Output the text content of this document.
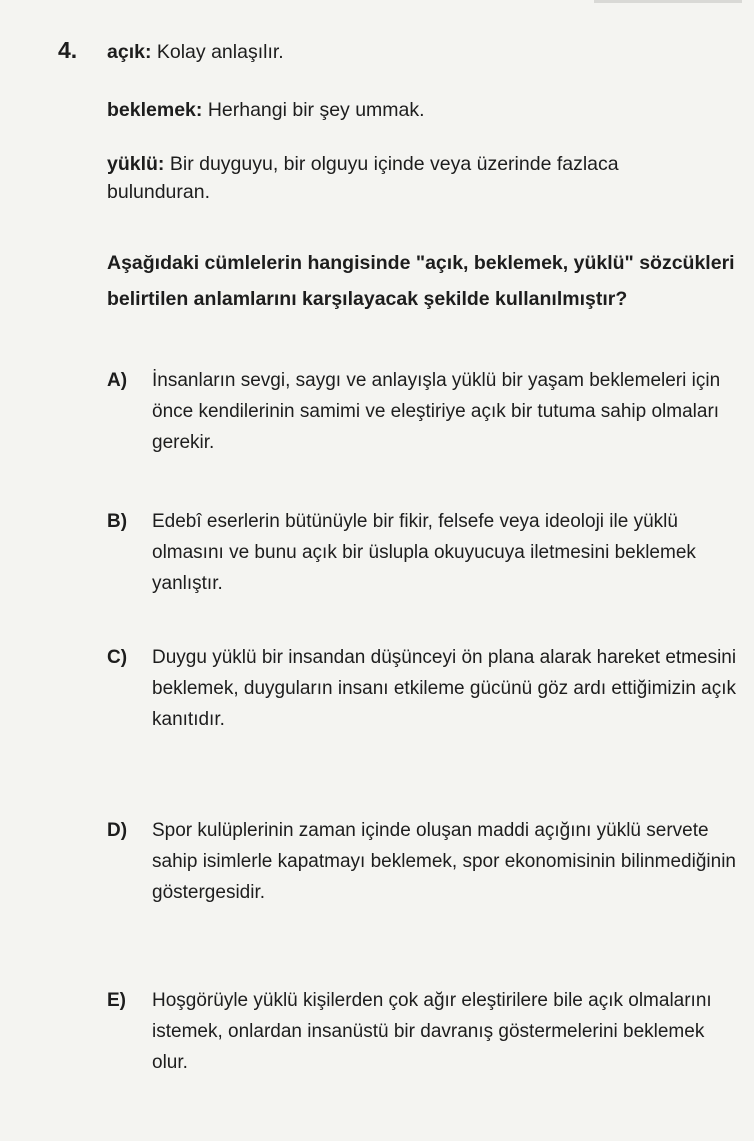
4. açık: Kolay anlaşılır.
beklemek: Herhangi bir şey ummak.
yüklü: Bir duyguyu, bir olguyu içinde veya üzerinde fazlaca bulunduran.
Aşağıdaki cümlelerin hangisinde "açık, beklemek, yüklü" sözcükleri belirtilen anlamlarını karşılayacak şekilde kullanılmıştır?
A) İnsanların sevgi, saygı ve anlayışla yüklü bir yaşam beklemeleri için önce kendilerinin samimi ve eleştiriye açık bir tutuma sahip olmaları gerekir.
B) Edebî eserlerin bütünüyle bir fikir, felsefe veya ideoloji ile yüklü olmasını ve bunu açık bir üslupla okuyucuya iletmesini beklemek yanlıştır.
C) Duygu yüklü bir insandan düşünceyi ön plana alarak hareket etmesini beklemek, duyguların insanı etkileme gücünü göz ardı ettiğimizin açık kanıtıdır.
D) Spor kulüplerinin zaman içinde oluşan maddi açığını yüklü servete sahip isimlerle kapatmayı beklemek, spor ekonomisinin bilinmediğinin göstergesidir.
E) Hoşgörüyle yüklü kişilerden çok ağır eleştirilere bile açık olmalarını istemek, onlardan insanüstü bir davranış göstermelerini beklemek olur.
